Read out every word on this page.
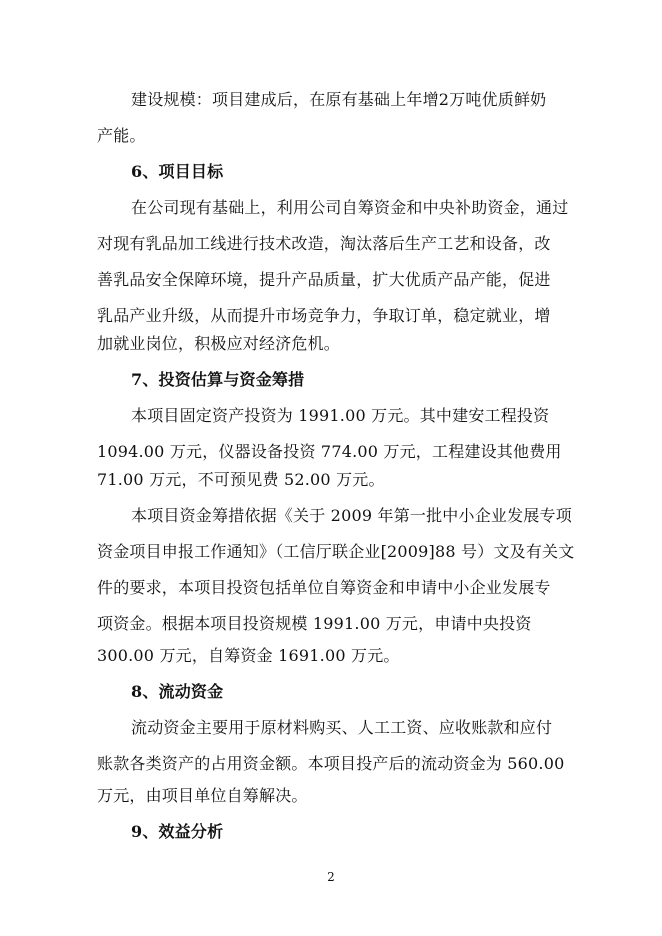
建设规模：项目建成后，在原有基础上年增2万吨优质鲜奶
产能。
6、项目目标
在公司现有基础上，利用公司自筹资金和中央补助资金，通过
对现有乳品加工线进行技术改造，淘汰落后生产工艺和设备，改
善乳品安全保障环境，提升产品质量，扩大优质产品产能，促进
乳品产业升级，从而提升市场竞争力，争取订单，稳定就业，增
加就业岗位，积极应对经济危机。
7、投资估算与资金筹措
本项目固定资产投资为 1991.00 万元。其中建安工程投资
1094.00 万元，仪器设备投资 774.00 万元，工程建设其他费用
71.00 万元，不可预见费 52.00 万元。
本项目资金筹措依据《关于 2009 年第一批中小企业发展专项
资金项目申报工作通知》（工信厅联企业[2009]88 号）文及有关文
件的要求，本项目投资包括单位自筹资金和申请中小企业发展专
项资金。根据本项目投资规模 1991.00 万元，申请中央投资
300.00 万元，自筹资金 1691.00 万元。
8、流动资金
流动资金主要用于原材料购买、人工工资、应收账款和应付
账款各类资产的占用资金额。本项目投产后的流动资金为 560.00
万元，由项目单位自筹解决。
9、效益分析
2
